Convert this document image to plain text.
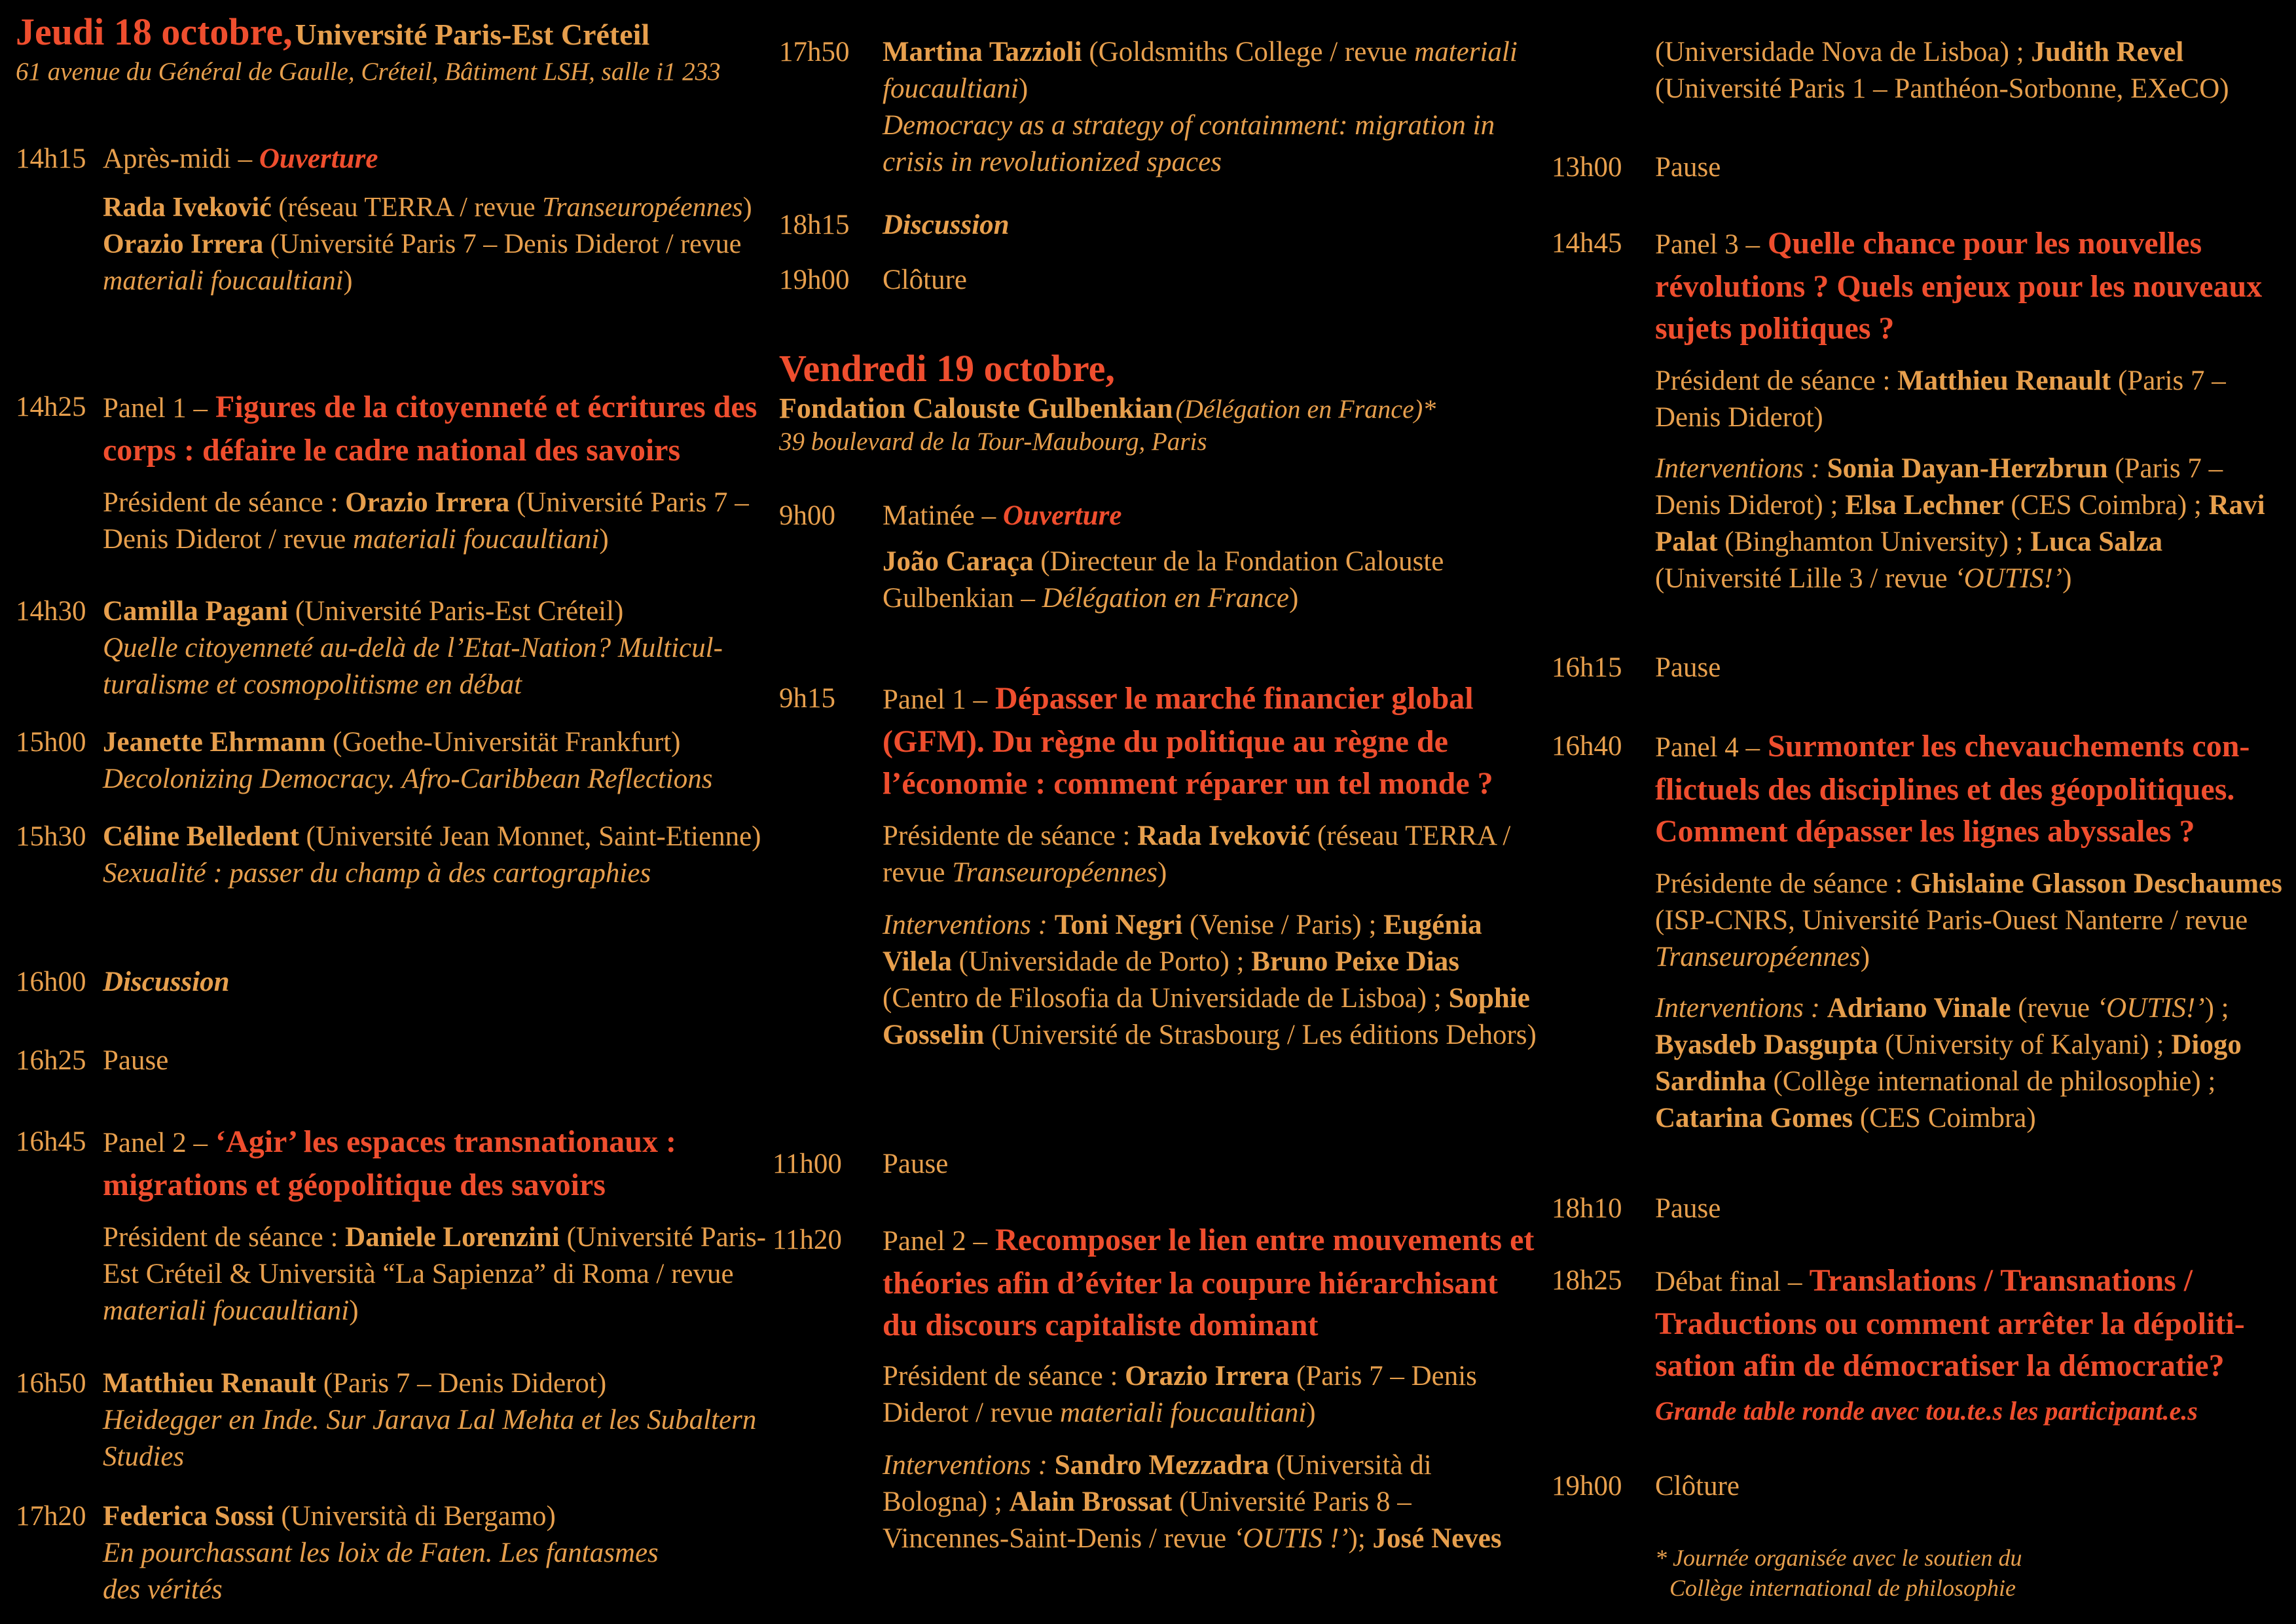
Jeudi 18 octobre, Université Paris-Est Créteil
61 avenue du Général de Gaulle, Créteil, Bâtiment LSH, salle i1 233
14h15 Après-midi – Ouverture
Rada Iveković (réseau TERRA / revue Transeuropéennes)
Orazio Irrera (Université Paris 7 – Denis Diderot / revue materiali foucaultiani)
14h25 Panel 1 – Figures de la citoyenneté et écritures des corps : défaire le cadre national des savoirs
Président de séance : Orazio Irrera (Université Paris 7 – Denis Diderot / revue materiali foucaultiani)
14h30 Camilla Pagani (Université Paris-Est Créteil)
Quelle citoyenneté au-delà de l’Etat-Nation? Multiculturalisme et cosmopolitisme en débat
15h00 Jeanette Ehrmann (Goethe-Universität Frankfurt)
Decolonizing Democracy. Afro-Caribbean Reflections
15h30 Céline Belledent (Université Jean Monnet, Saint-Etienne)
Sexualité : passer du champ à des cartographies
16h00 Discussion
16h25 Pause
16h45 Panel 2 – ‘Agir’ les espaces transnationaux : migrations et géopolitique des savoirs
Président de séance : Daniele Lorenzini (Université Paris-Est Créteil & Università “La Sapienza” di Roma / revue materiali foucaultiani)
16h50 Matthieu Renault (Paris 7 – Denis Diderot)
Heidegger en Inde. Sur Jarava Lal Mehta et les Subaltern Studies
17h20 Federica Sossi (Università di Bergamo)
En pourchassant les loix de Faten. Les fantasmes des vérités
17h50 Martina Tazzioli (Goldsmiths College / revue materiali foucaultiani)
Democracy as a strategy of containment: migration in crisis in revolutionized spaces
18h15 Discussion
19h00 Clôture
Vendredi 19 octobre,
Fondation Calouste Gulbenkian (Délégation en France)*
39 boulevard de la Tour-Maubourg, Paris
9h00 Matinée – Ouverture
João Caraça (Directeur de la Fondation Calouste Gulbenkian – Délégation en France)
9h15 Panel 1 – Dépasser le marché financier global (GFM). Du règne du politique au règne de l’économie : comment réparer un tel monde ?
Présidente de séance : Rada Iveković (réseau TERRA / revue Transeuropéennes)
Interventions : Toni Negri (Venise / Paris) ; Eugénia Vilela (Universidade de Porto) ; Bruno Peixe Dias (Centro de Filosofia da Universidade de Lisboa) ; Sophie Gosselin (Université de Strasbourg / Les éditions Dehors)
11h00 Pause
11h20 Panel 2 – Recomposer le lien entre mouvements et théories afin d’éviter la coupure hiérarchisant du discours capitaliste dominant
Président de séance : Orazio Irrera (Paris 7 – Denis Diderot / revue materiali foucaultiani)
Interventions : Sandro Mezzadra (Università di Bologna) ; Alain Brossat (Université Paris 8 – Vincennes-Saint-Denis / revue ‘OUTIS !’); José Neves
(Universidade Nova de Lisboa) ; Judith Revel (Université Paris 1 – Panthéon-Sorbonne, EXeCO)
13h00 Pause
14h45 Panel 3 – Quelle chance pour les nouvelles révolutions ? Quels enjeux pour les nouveaux sujets politiques ?
Président de séance : Matthieu Renault (Paris 7 – Denis Diderot)
Interventions : Sonia Dayan-Herzbrun (Paris 7 – Denis Diderot) ; Elsa Lechner (CES Coimbra) ; Ravi Palat (Binghamton University) ; Luca Salza (Université Lille 3 / revue ‘OUTIS!’)
16h15 Pause
16h40 Panel 4 – Surmonter les chevauchements conflictuels des disciplines et des géopolitiques. Comment dépasser les lignes abyssales ?
Présidente de séance : Ghislaine Glasson Deschaumes (ISP-CNRS, Université Paris-Ouest Nanterre / revue Transeuropéennes)
Interventions : Adriano Vinale (revue ‘OUTIS!’) ; Byasdeb Dasgupta (University of Kalyani) ; Diogo Sardinha (Collège international de philosophie) ; Catarina Gomes (CES Coimbra)
18h10 Pause
18h25 Débat final – Translations / Transnations / Traductions ou comment arrêter la dépolitisation afin de démocratiser la démocratie?
Grande table ronde avec tou.te.s les participant.e.s
19h00 Clôture
* Journée organisée avec le soutien du
Collège international de philosophie
